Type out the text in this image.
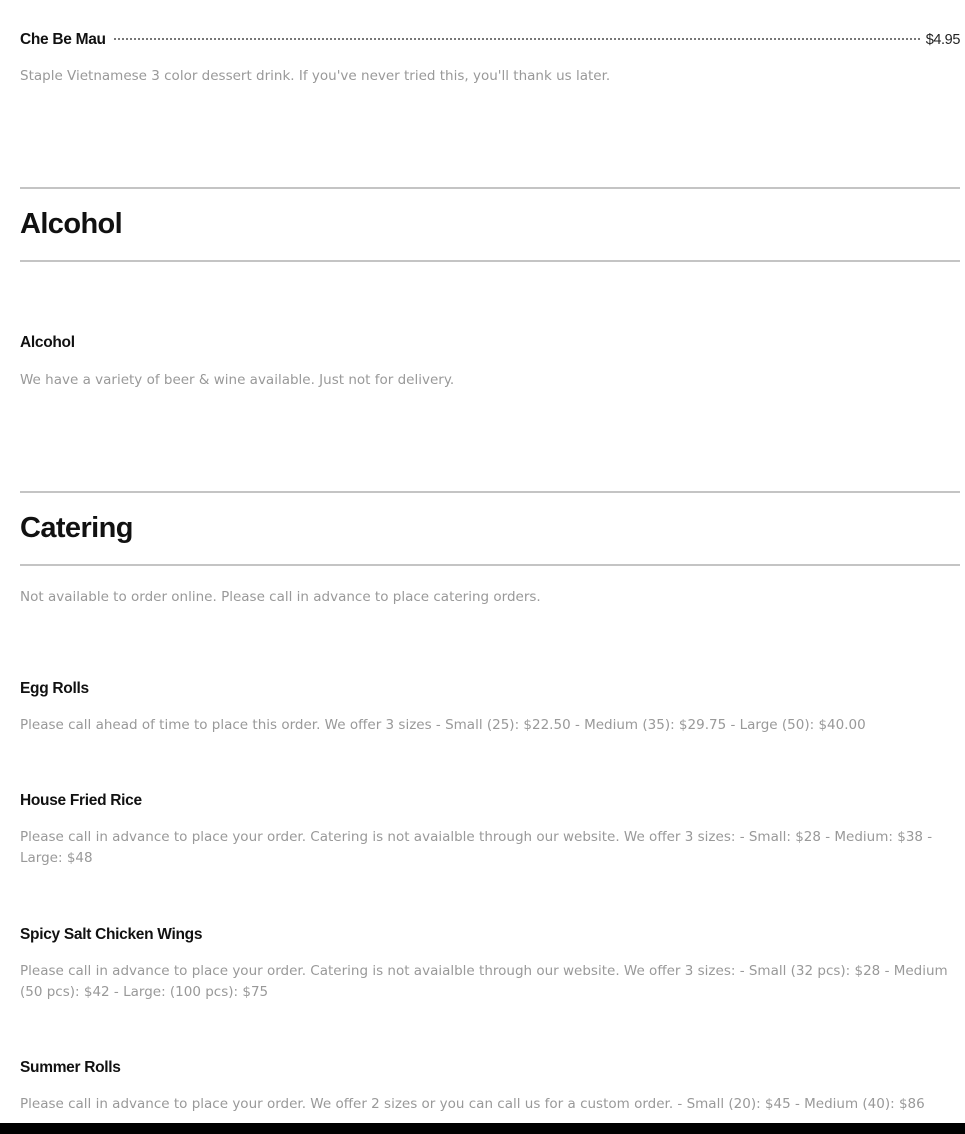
Che Be Mau	$4.95
Staple Vietnamese 3 color dessert drink. If you've never tried this, you'll thank us later.
Alcohol
Alcohol
We have a variety of beer & wine available. Just not for delivery.
Catering
Not available to order online. Please call in advance to place catering orders.
Egg Rolls
Please call ahead of time to place this order. We offer 3 sizes - Small (25): $22.50 - Medium (35): $29.75 - Large (50): $40.00
House Fried Rice
Please call in advance to place your order. Catering is not avaialble through our website. We offer 3 sizes: - Small: $28 - Medium: $38 - Large: $48
Spicy Salt Chicken Wings
Please call in advance to place your order. Catering is not avaialble through our website. We offer 3 sizes: - Small (32 pcs): $28 - Medium (50 pcs): $42 - Large: (100 pcs): $75
Summer Rolls
Please call in advance to place your order. We offer 2 sizes or you can call us for a custom order. - Small (20): $45 - Medium (40): $86
